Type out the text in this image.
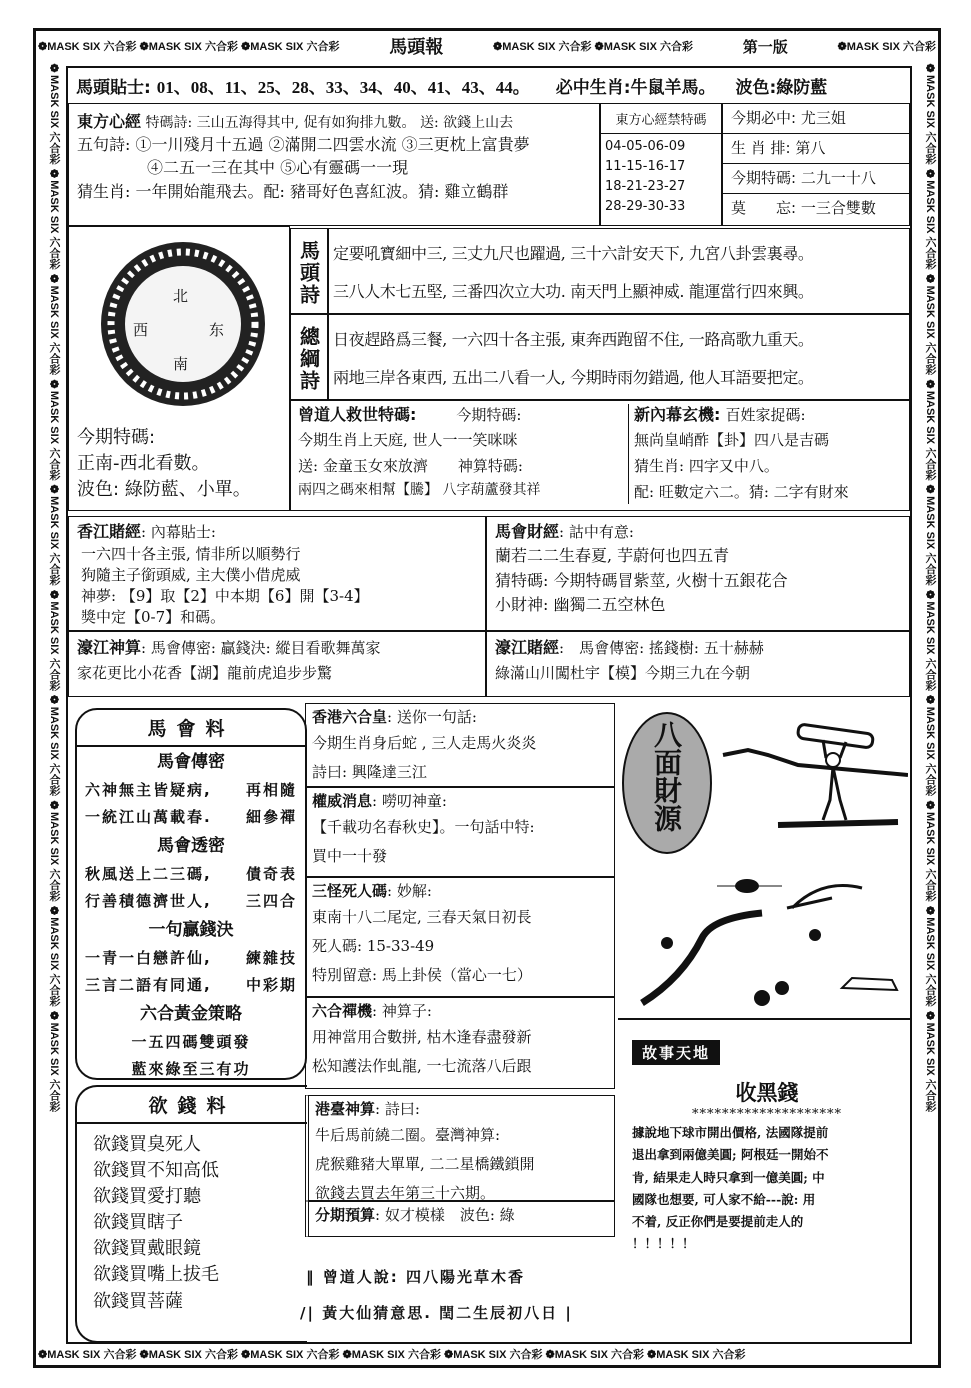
❁MASK SIX 六合彩 ❁MASK SIX 六合彩 ❁MASK SIX 六合彩	馬頭報	❁MASK SIX 六合彩 ❁MASK SIX 六合彩	第一版	❁MASK SIX 六合彩
❁MASK SIX 六合彩 ❁MASK SIX 六合彩 ❁MASK SIX 六合彩 ❁MASK SIX 六合彩 ❁MASK SIX 六合彩 ❁MASK SIX 六合彩 ❁MASK SIX 六合彩
❁MASK SIX 六合彩 ❁MASK SIX 六合彩 ❁MASK SIX 六合彩 ❁MASK SIX 六合彩 ❁MASK SIX 六合彩 ❁MASK SIX 六合彩 ❁MASK SIX 六合彩 ❁MASK SIX 六合彩 ❁MASK SIX 六合彩 ❁MASK SIX 六合彩	❁MASK SIX 六合彩 ❁MASK SIX 六合彩 ❁MASK SIX 六合彩 ❁MASK SIX 六合彩 ❁MASK SIX 六合彩 ❁MASK SIX 六合彩 ❁MASK SIX 六合彩 ❁MASK SIX 六合彩 ❁MASK SIX 六合彩 ❁MASK SIX 六合彩
馬頭貼士: 01、08、11、25、28、33、34、40、41、43、44。 必中生肖:牛鼠羊馬。 波色:綠防藍
東方心經 特碼詩: 三山五海得其中, 促有如狗排九數。 送: 欲錢上山去
五句詩: ①一川殘月十五過 ②滿開二四雲水流 ③三更枕上富貴夢
④二五一三在其中 ⑤心有靈碼一一現
猜生肖: 一年開始龍飛去。配: 豬哥好色喜紅波。猜: 雞立鶴群
東方心經禁特碼
04-05-06-09
11-15-16-17
18-21-23-27
28-29-30-33
今期必中: 尤三姐
生 肖 排: 第八
今期特碼: 二九一十八
莫　　忘: 一三合雙數
北
西	东
南
今期特碼:
正南-西北看數。
波色: 綠防藍、小單。
馬頭詩 定要吼寶細中三, 三丈九尺也躍過, 三十六計安天下, 九宮八卦雲裏尋。
三八人木七五堅, 三番四次立大功. 南天門上顯神威. 龍運當行四來興。
總綱詩 日夜趕路爲三餐, 一六四十各主張, 東奔西跑留不住, 一路高歌九重天。
兩地三岸各東西, 五出二八看一人, 今期時雨勿錯過, 他人耳語要把定。
曾道人救世特碼:	今期特碼:
今期生肖上天庭, 世人一一笑咪咪
送: 金童玉女來放濟　　神算特碼:
兩四之碼來相幫【騰】 八字葫蘆發其祥
新內幕玄機: 百姓家捉碼:
無尚皇峭酢【卦】四八是吉碼
猜生肖: 四字又中八。
配: 旺數定六二。猜: 二字有財來
香江賭經: 內幕貼士:
一六四十各主張, 情非所以順勢行
狗隨主子銜頭威, 主大僕小借虎威
神夢: 【9】取【2】中本期【6】開【3-4】
獎中定【0-7】和碼。
馬會財經: 詁中有意:
蘭若二二生春夏, 芋蔚何也四五青
猜特碼: 今期特碼冒紫莖, 火樹十五銀花合
小財神: 幽獨二五空林色
濠江神算: 馬會傳密: 贏錢決: 縱目看歌舞萬家
家花更比小花香【湖】龍前虎追步步驚
濠江賭經:　馬會傳密: 搖錢樹: 五十赫赫
綠滿山川闖杜宇【模】今期三九在今朝
馬會料
馬會傳密
六神無主皆疑病, 再相隨
一統江山萬載春. 細參禪
馬會透密
秋風送上二三碼, 債奇表
行善積德濟世人, 三四合
一句贏錢決
一青一白戀許仙, 練雜技
三言二語有同通, 中彩期
六合黃金策略
一五四碼雙頭發
藍來綠至三有功
欲錢料
欲錢買臭死人
欲錢買不知高低
欲錢買愛打聽
欲錢買瞎子
欲錢買戴眼鏡
欲錢買嘴上拔毛
欲錢買菩薩
香港六合皇: 送你一句話:
今期生肖身后蛇 , 三人走馬火炎炎
詩曰: 興隆達三江
權威消息: 嘮叨神童:
【千載功名春秋史】。一句話中特:
買中一十發
三怪死人碼: 妙解:
東南十八二尾定, 三春天氣日初長
死人碼: 15-33-49
特別留意: 馬上卦侯（當心一七）
六合禪機: 神算子:
用神當用合數拼, 枯木逢春盡發新
松知護法作虬龍, 一七流落八后跟
港臺神算: 詩曰:
牛后馬前繞二圈。臺灣神算:
虎猴雞豬大單單, 二二星橋鐵鎖開
欲錢去買去年第三十六期。
分期預算: 奴才模樣　波色: 綠
‖ 曾道人說: 四八陽光草木香
/| 黃大仙猜意思. 閏二生辰初八日 |
八面財源
故事天地
收黑錢
********************
據說地下球市開出價格, 法國隊提前
退出拿到兩億美圓; 阿根廷一開始不
肯, 結果走人時只拿到一億美圓; 中
國隊也想要, 可人家不給---說: 用
不着, 反正你們是要提前走人的
！！！！！
